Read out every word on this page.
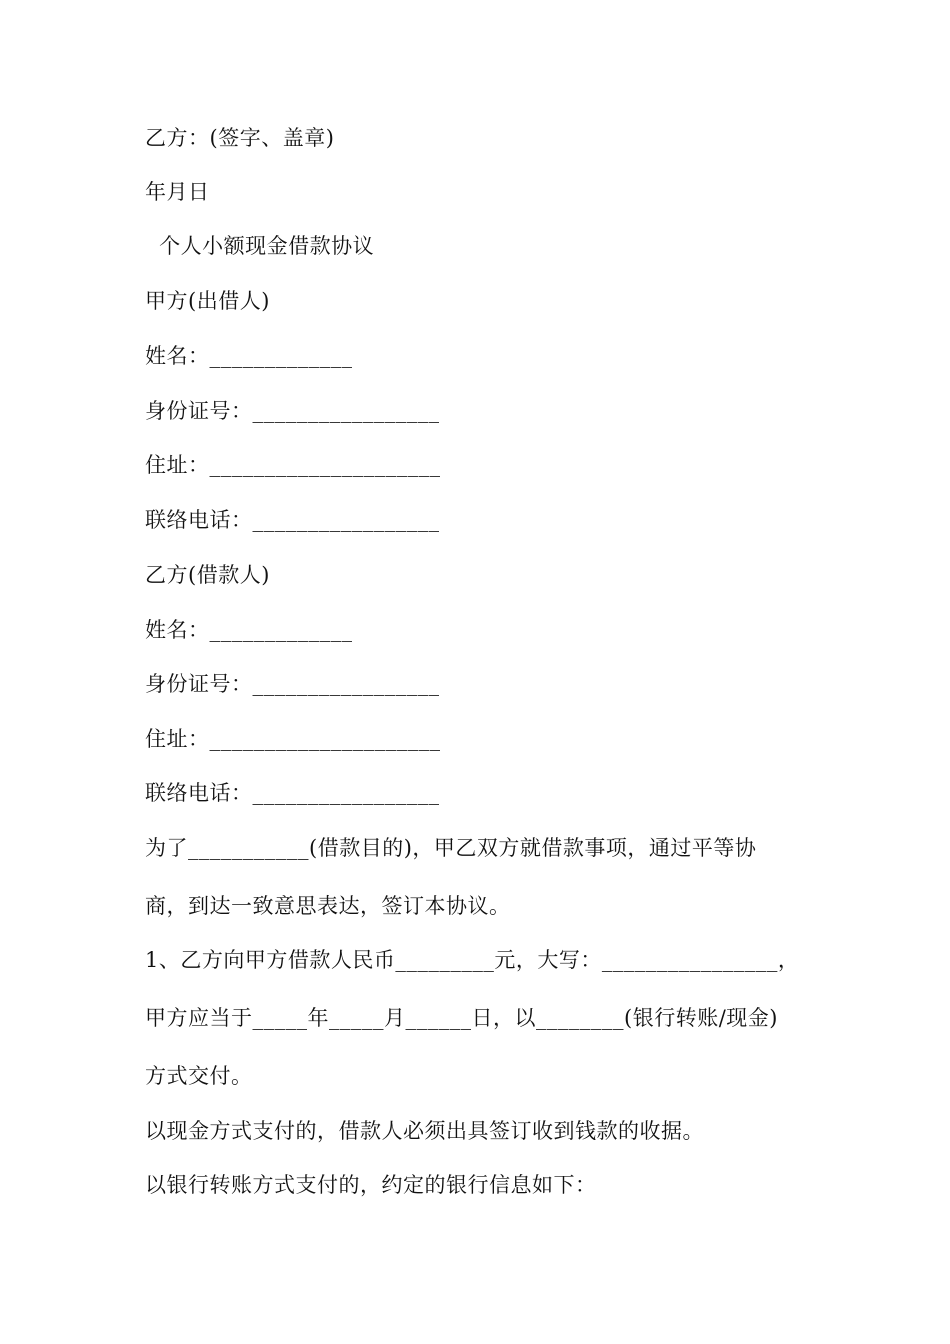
乙方：(签字、盖章)
年月日
个人小额现金借款协议
甲方(出借人)
姓名：_____________
身份证号：_________________
住址：_____________________
联络电话：_________________
乙方(借款人)
姓名：_____________
身份证号：_________________
住址：_____________________
联络电话：_________________
为了___________(借款目的)，甲乙双方就借款事项，通过平等协
商，到达一致意思表达，签订本协议。
1、乙方向甲方借款人民币_________元，大写：________________，
甲方应当于_____年_____月______日，以________(银行转账/现金)
方式交付。
以现金方式支付的，借款人必须出具签订收到钱款的收据。
以银行转账方式支付的，约定的银行信息如下：
